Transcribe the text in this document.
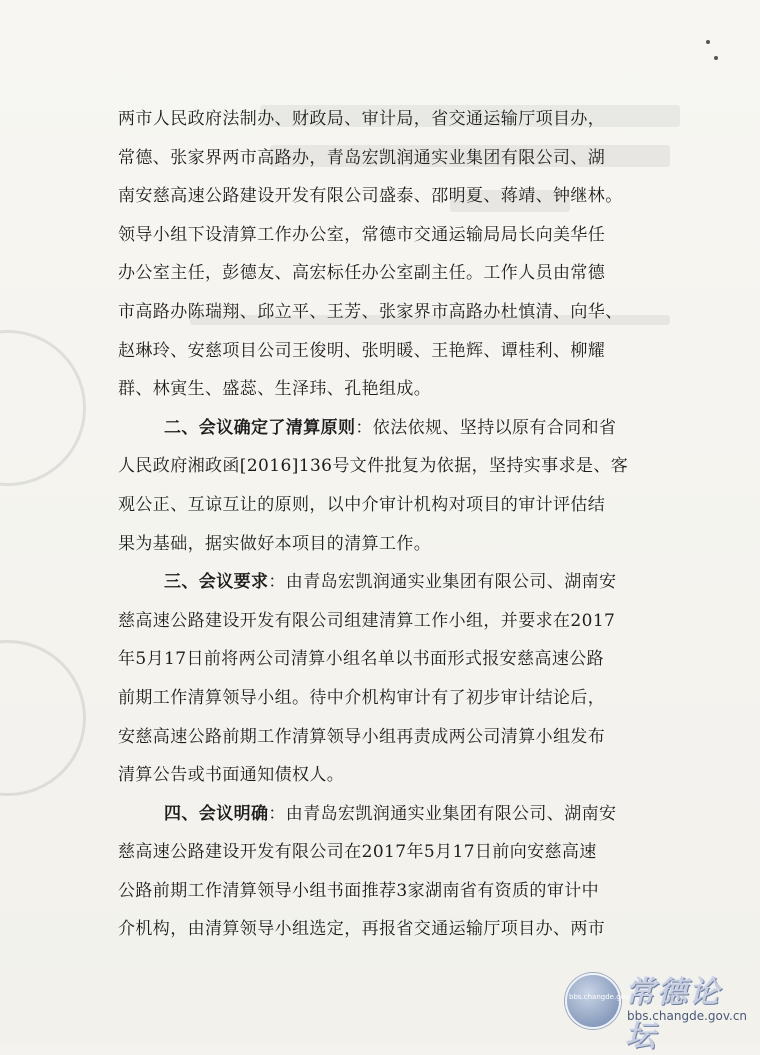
两市人民政府法制办、财政局、审计局，省交通运输厅项目办，
常德、张家界两市高路办，青岛宏凯润通实业集团有限公司、湖
南安慈高速公路建设开发有限公司盛泰、邵明夏、蒋靖、钟继林。
领导小组下设清算工作办公室，常德市交通运输局局长向美华任
办公室主任，彭德友、高宏标任办公室副主任。工作人员由常德
市高路办陈瑞翔、邱立平、王芳、张家界市高路办杜慎清、向华、
赵琳玲、安慈项目公司王俊明、张明暖、王艳辉、谭桂利、柳耀
群、林寅生、盛蕊、生泽玮、孔艳组成。
二、会议确定了清算原则：依法依规、坚持以原有合同和省
人民政府湘政函[2016]136号文件批复为依据，坚持实事求是、客
观公正、互谅互让的原则，以中介审计机构对项目的审计评估结
果为基础，据实做好本项目的清算工作。
三、会议要求：由青岛宏凯润通实业集团有限公司、湖南安
慈高速公路建设开发有限公司组建清算工作小组，并要求在2017
年5月17日前将两公司清算小组名单以书面形式报安慈高速公路
前期工作清算领导小组。待中介机构审计有了初步审计结论后，
安慈高速公路前期工作清算领导小组再责成两公司清算小组发布
清算公告或书面通知债权人。
四、会议明确：由青岛宏凯润通实业集团有限公司、湖南安
慈高速公路建设开发有限公司在2017年5月17日前向安慈高速
公路前期工作清算领导小组书面推荐3家湖南省有资质的审计中
介机构，由清算领导小组选定，再报省交通运输厅项目办、两市
bbs.changde.gov.cn
常德论坛
bbs.changde.gov.cn
